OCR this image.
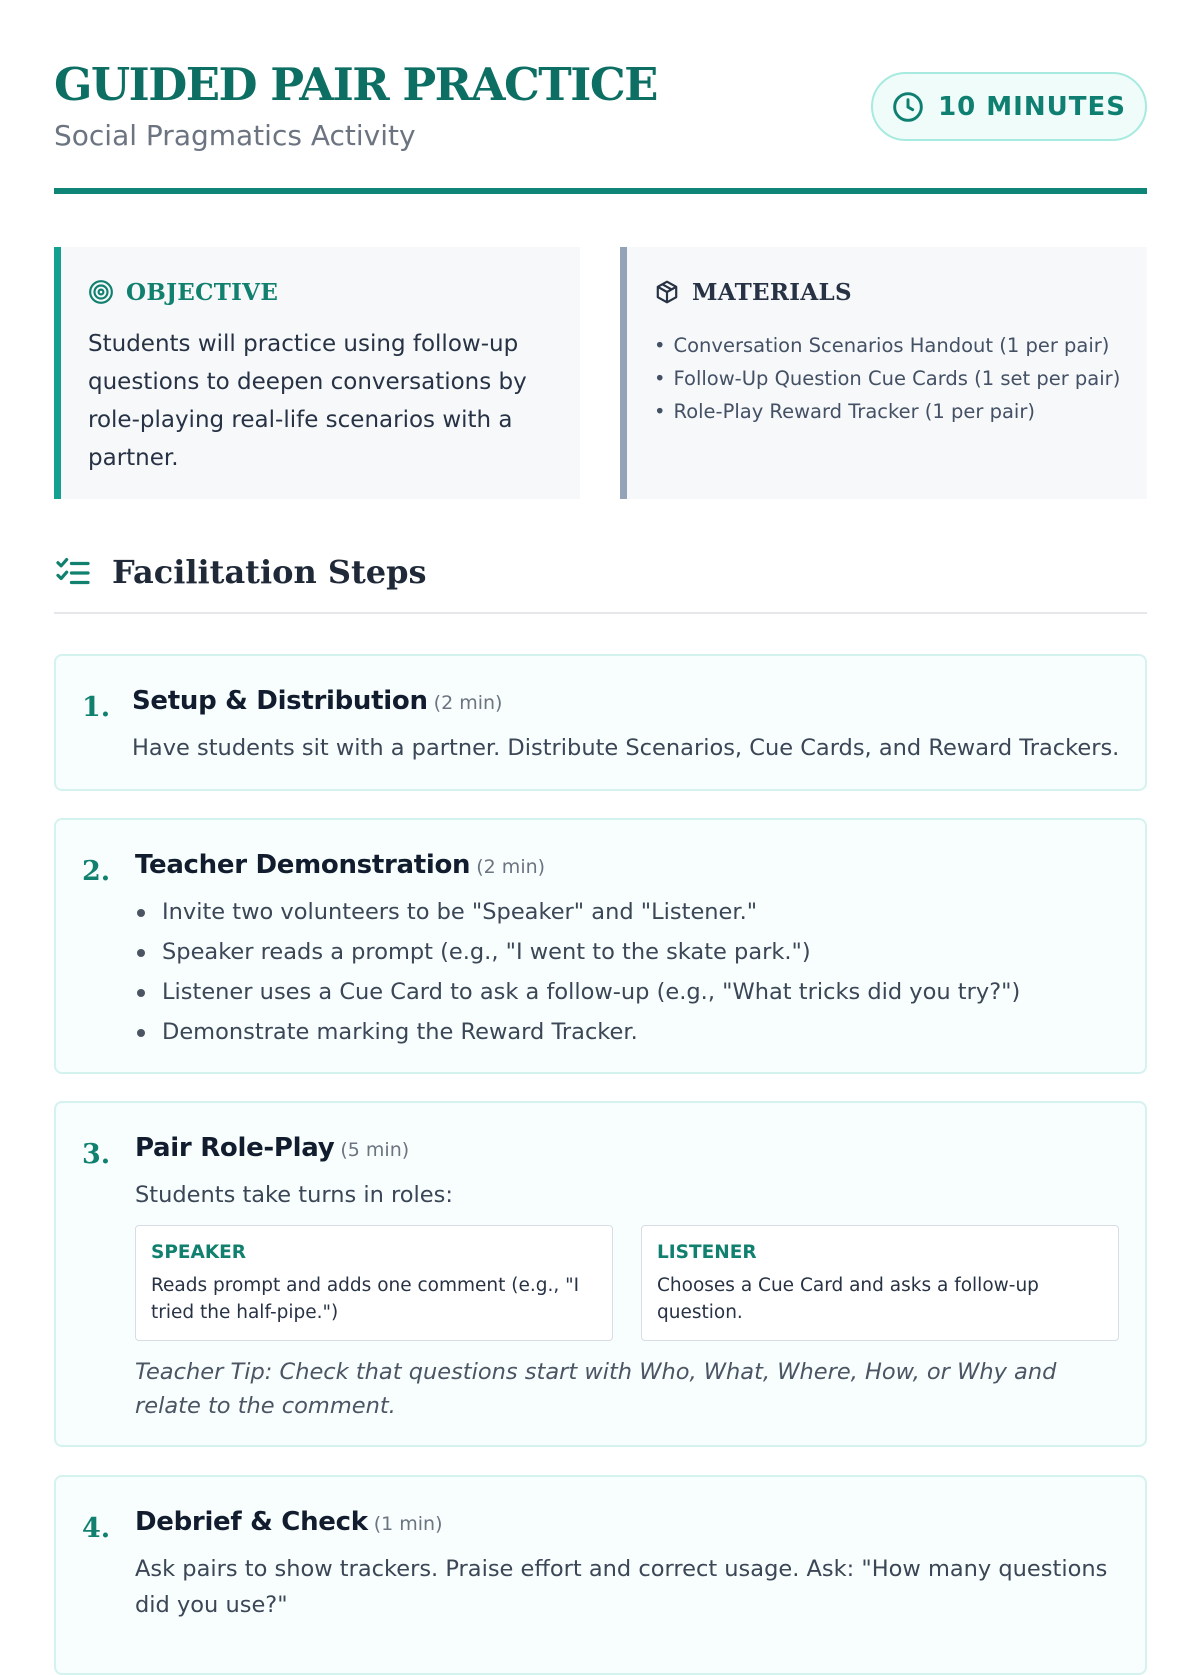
GUIDED PAIR PRACTICE
Social Pragmatics Activity
10 MINUTES
OBJECTIVE
Students will practice using follow-up questions to deepen conversations by role-playing real-life scenarios with a partner.
MATERIALS
• Conversation Scenarios Handout (1 per pair)
• Follow-Up Question Cue Cards (1 set per pair)
• Role-Play Reward Tracker (1 per pair)
Facilitation Steps
1. Setup & Distribution (2 min)
Have students sit with a partner. Distribute Scenarios, Cue Cards, and Reward Trackers.
2. Teacher Demonstration (2 min)
Invite two volunteers to be "Speaker" and "Listener."
Speaker reads a prompt (e.g., "I went to the skate park.")
Listener uses a Cue Card to ask a follow-up (e.g., "What tricks did you try?")
Demonstrate marking the Reward Tracker.
3. Pair Role-Play (5 min)
Students take turns in roles:
SPEAKER
Reads prompt and adds one comment (e.g., "I tried the half-pipe.")
LISTENER
Chooses a Cue Card and asks a follow-up question.
Teacher Tip: Check that questions start with Who, What, Where, How, or Why and relate to the comment.
4. Debrief & Check (1 min)
Ask pairs to show trackers. Praise effort and correct usage. Ask: "How many questions did you use?"
